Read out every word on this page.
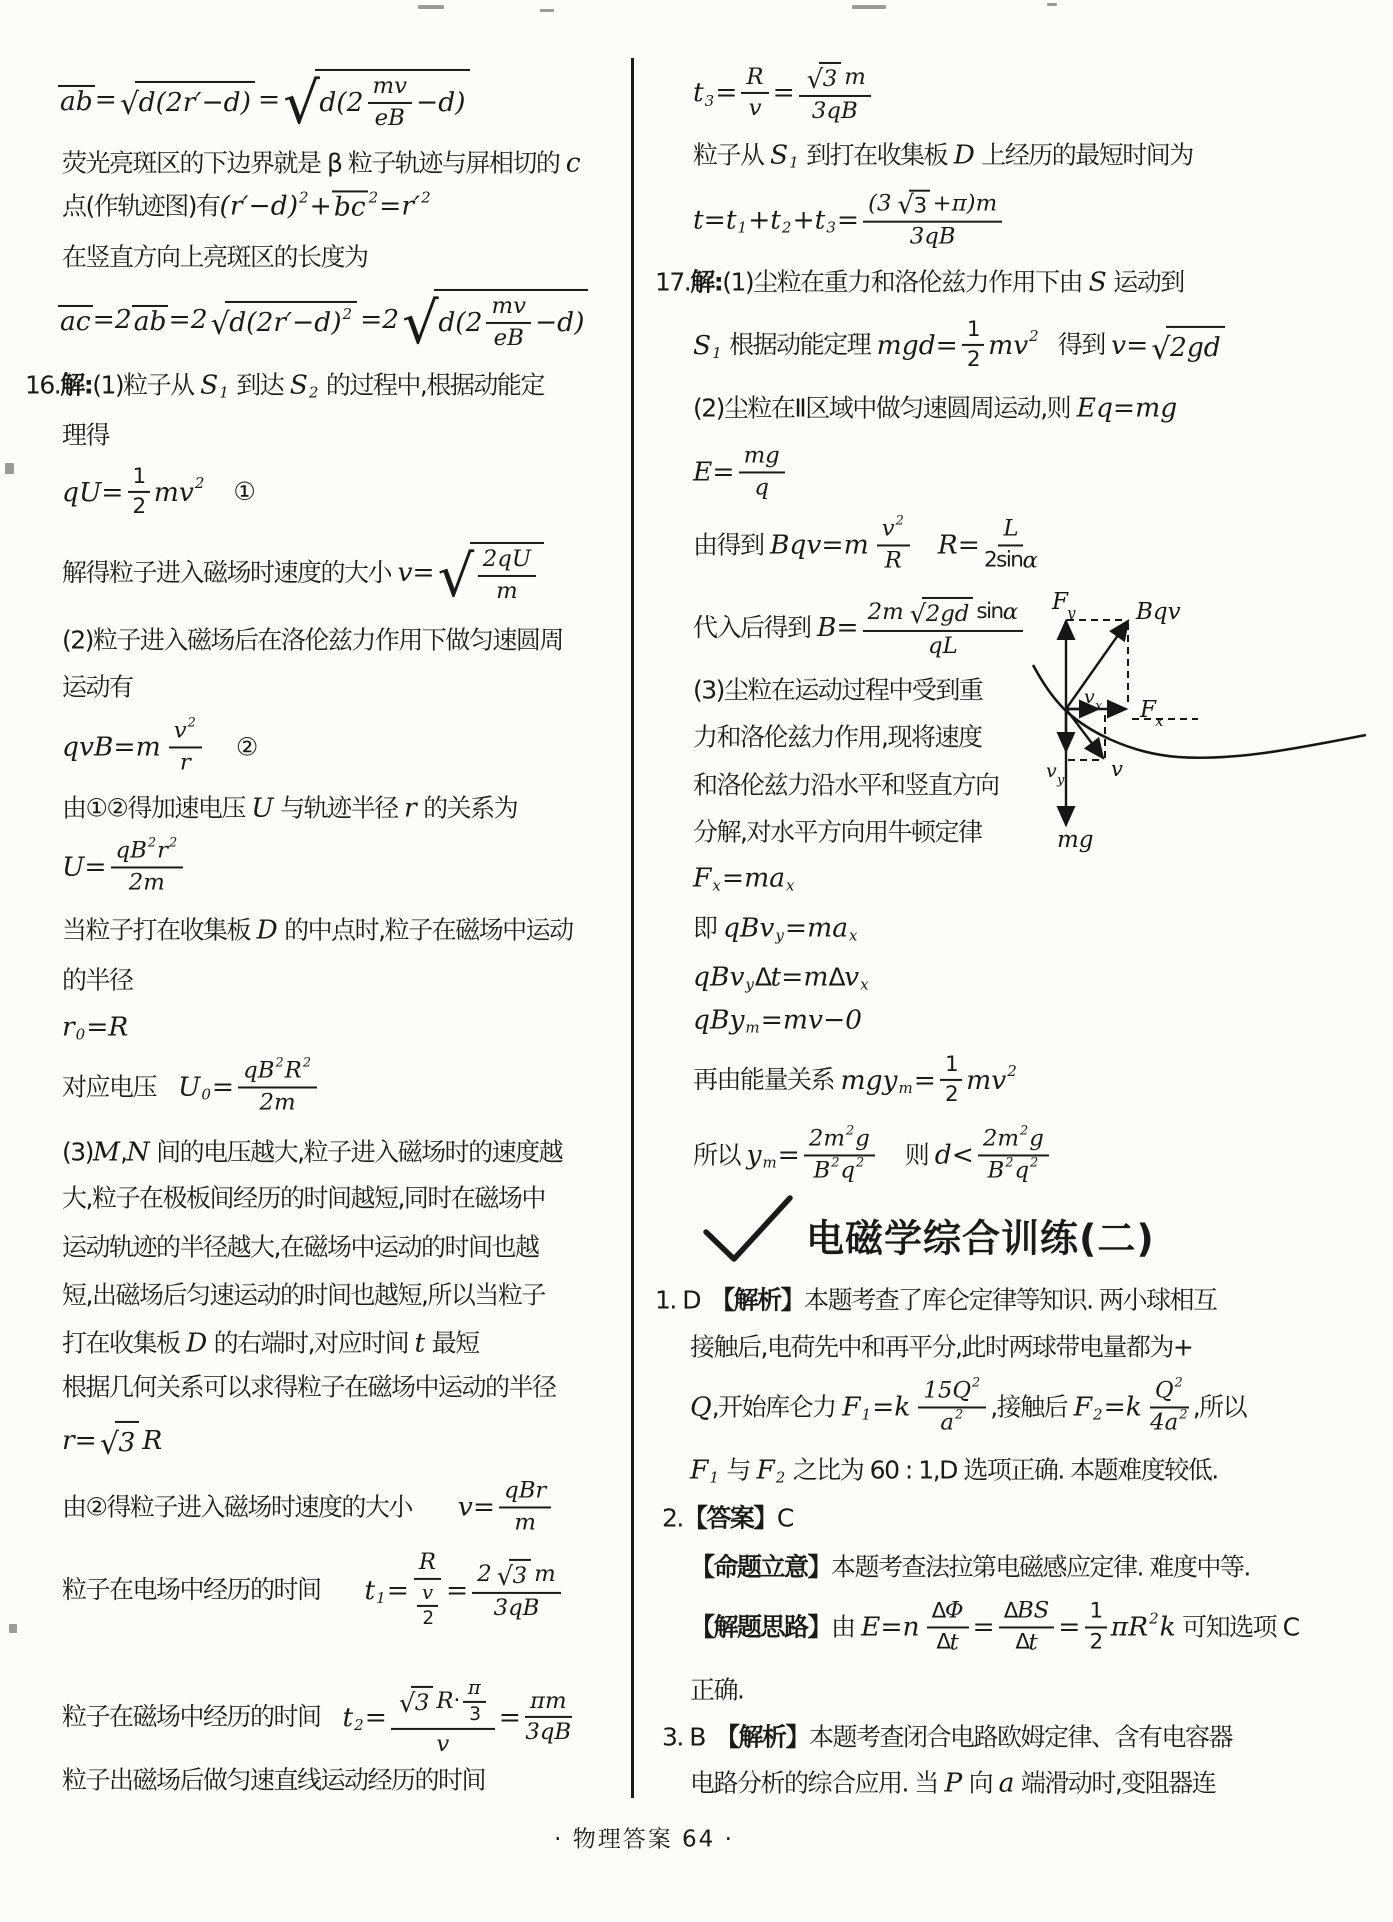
电磁学综合训练(二)
F y	Bqv
F x
v x
v
v y
mg
· 物理答案 64 ·
ab = √ d(2r′−d) = √ $d(2 \frac{mv}{eB} -d)$
荧光亮斑区的下边界就是 β 粒子轨迹与屏相切的 c
点(作轨迹图)有 (r′−d) 2 + bc 2 =r′ 2
在竖直方向上亮斑区的长度为
ac =2 ab =2 √ d(2r′−d) 2 =2 √ $d(2 \frac{mv}{eB} -d)$
16. 解: (1)粒子从 S 1 到达 S 2 的过程中,根据动能定
理得
$qU= \frac{1}{2}$ mv 2 ①
解得粒子进入磁场时速度的大小 v= √ $\frac{2qU}{m}$
(2)粒子进入磁场后在洛伦兹力作用下做匀速圆周
运动有
$qvB=m \frac{v 2}{r}$ ②
由①②得加速电压 U 与轨迹半径 r 的关系为
$U= \frac{qB 2 r 2}{2m}$
当粒子打在收集板 D 的中点时,粒子在磁场中运动
的半径
r 0 =R
对应电压 U $0 = \frac{qB 2 R 2}{2m}$
(3) M , N 间的电压越大,粒子进入磁场时的速度越
大,粒子在极板间经历的时间越短,同时在磁场中
运动轨迹的半径越大,在磁场中运动的时间也越
短,出磁场后匀速运动的时间也越短,所以当粒子
打在收集板 D 的右端时,对应时间 t 最短
根据几何关系可以求得粒子在磁场中运动的半径
r= √ 3 R
由②得粒子进入磁场时速度的大小 $v= \frac{\text{qBr}}{m}$
粒子在电场中经历的时间 t $1 = \frac{R}{\frac{v}{2}} = \frac{2 √ 3 m}{3qB}$
粒子在磁场中经历的时间 t $2 = \frac{√ 3 R \cdot \frac{\pi}{3}}{v} = \frac{\pi m}{3qB}$
粒子出磁场后做匀速直线运动经历的时间
t $3 = \frac{R}{v} = \frac{√ 3 m}{3qB}$
粒子从 S 1 到打在收集板 D 上经历的最短时间为
t=t 1 +t 2 +t $3 = \frac{(3 √ 3 +\pi)m}{3qB}$
17. 解: (1)尘粒在重力和洛伦兹力作用下由 S 运动到
S 1 根据动能定理 $mgd= \frac{1}{2}$ mv 2 得到 v= √ 2gd
(2)尘粒在Ⅱ区域中做匀速圆周运动,则 Eq=mg
$E= \frac{mg}{q}$
由得到 $Bqv=m \frac{v 2}{R} R= \frac{L}{\text{2sin α}}$
代入后得到 $B= \frac{\text{2m √ 2gd sin α}}{qL}$
(3)尘粒在运动过程中受到重
力和洛伦兹力作用,现将速度
和洛伦兹力沿水平和竖直方向
分解,对水平方向用牛顿定律
F x =ma x
即 qBv y =ma x
qBv y Δ t=m Δ v x
qBy m =mv−0
再由能量关系 mgy $m = \frac{1}{2}$ mv 2
所以 y $m = \frac{2m 2 g}{B 2 q 2}$ 则 $d< \frac{2m 2 g}{B 2 q 2}$
1. D 【解析】 本题考查了库仑定律等知识. 两小球相互
接触后,电荷先中和再平分,此时两球带电量都为+
Q ,开始库仑力 F $1 =k \frac{15Q 2}{a 2}$ ,接触后 F $2 =k \frac{Q 2}{4a 2}$ ,所以
F 1 与 F 2 之比为 60 : 1,D 选项正确. 本题难度较低.
2. 【答案】 C
【命题立意】 本题考查法拉第电磁感应定律. 难度中等.
【解题思路】 由 $E=n \frac{\text{Δ Φ}}{\text{Δ t}} = \frac{\text{Δ BS}}{\text{Δ t}} = \frac{1}{2}$ πR 2 k 可知选项 C
正确.
3. B 【解析】 本题考查闭合电路欧姆定律、含有电容器
电路分析的综合应用. 当 P 向 a 端滑动时,变阻器连
